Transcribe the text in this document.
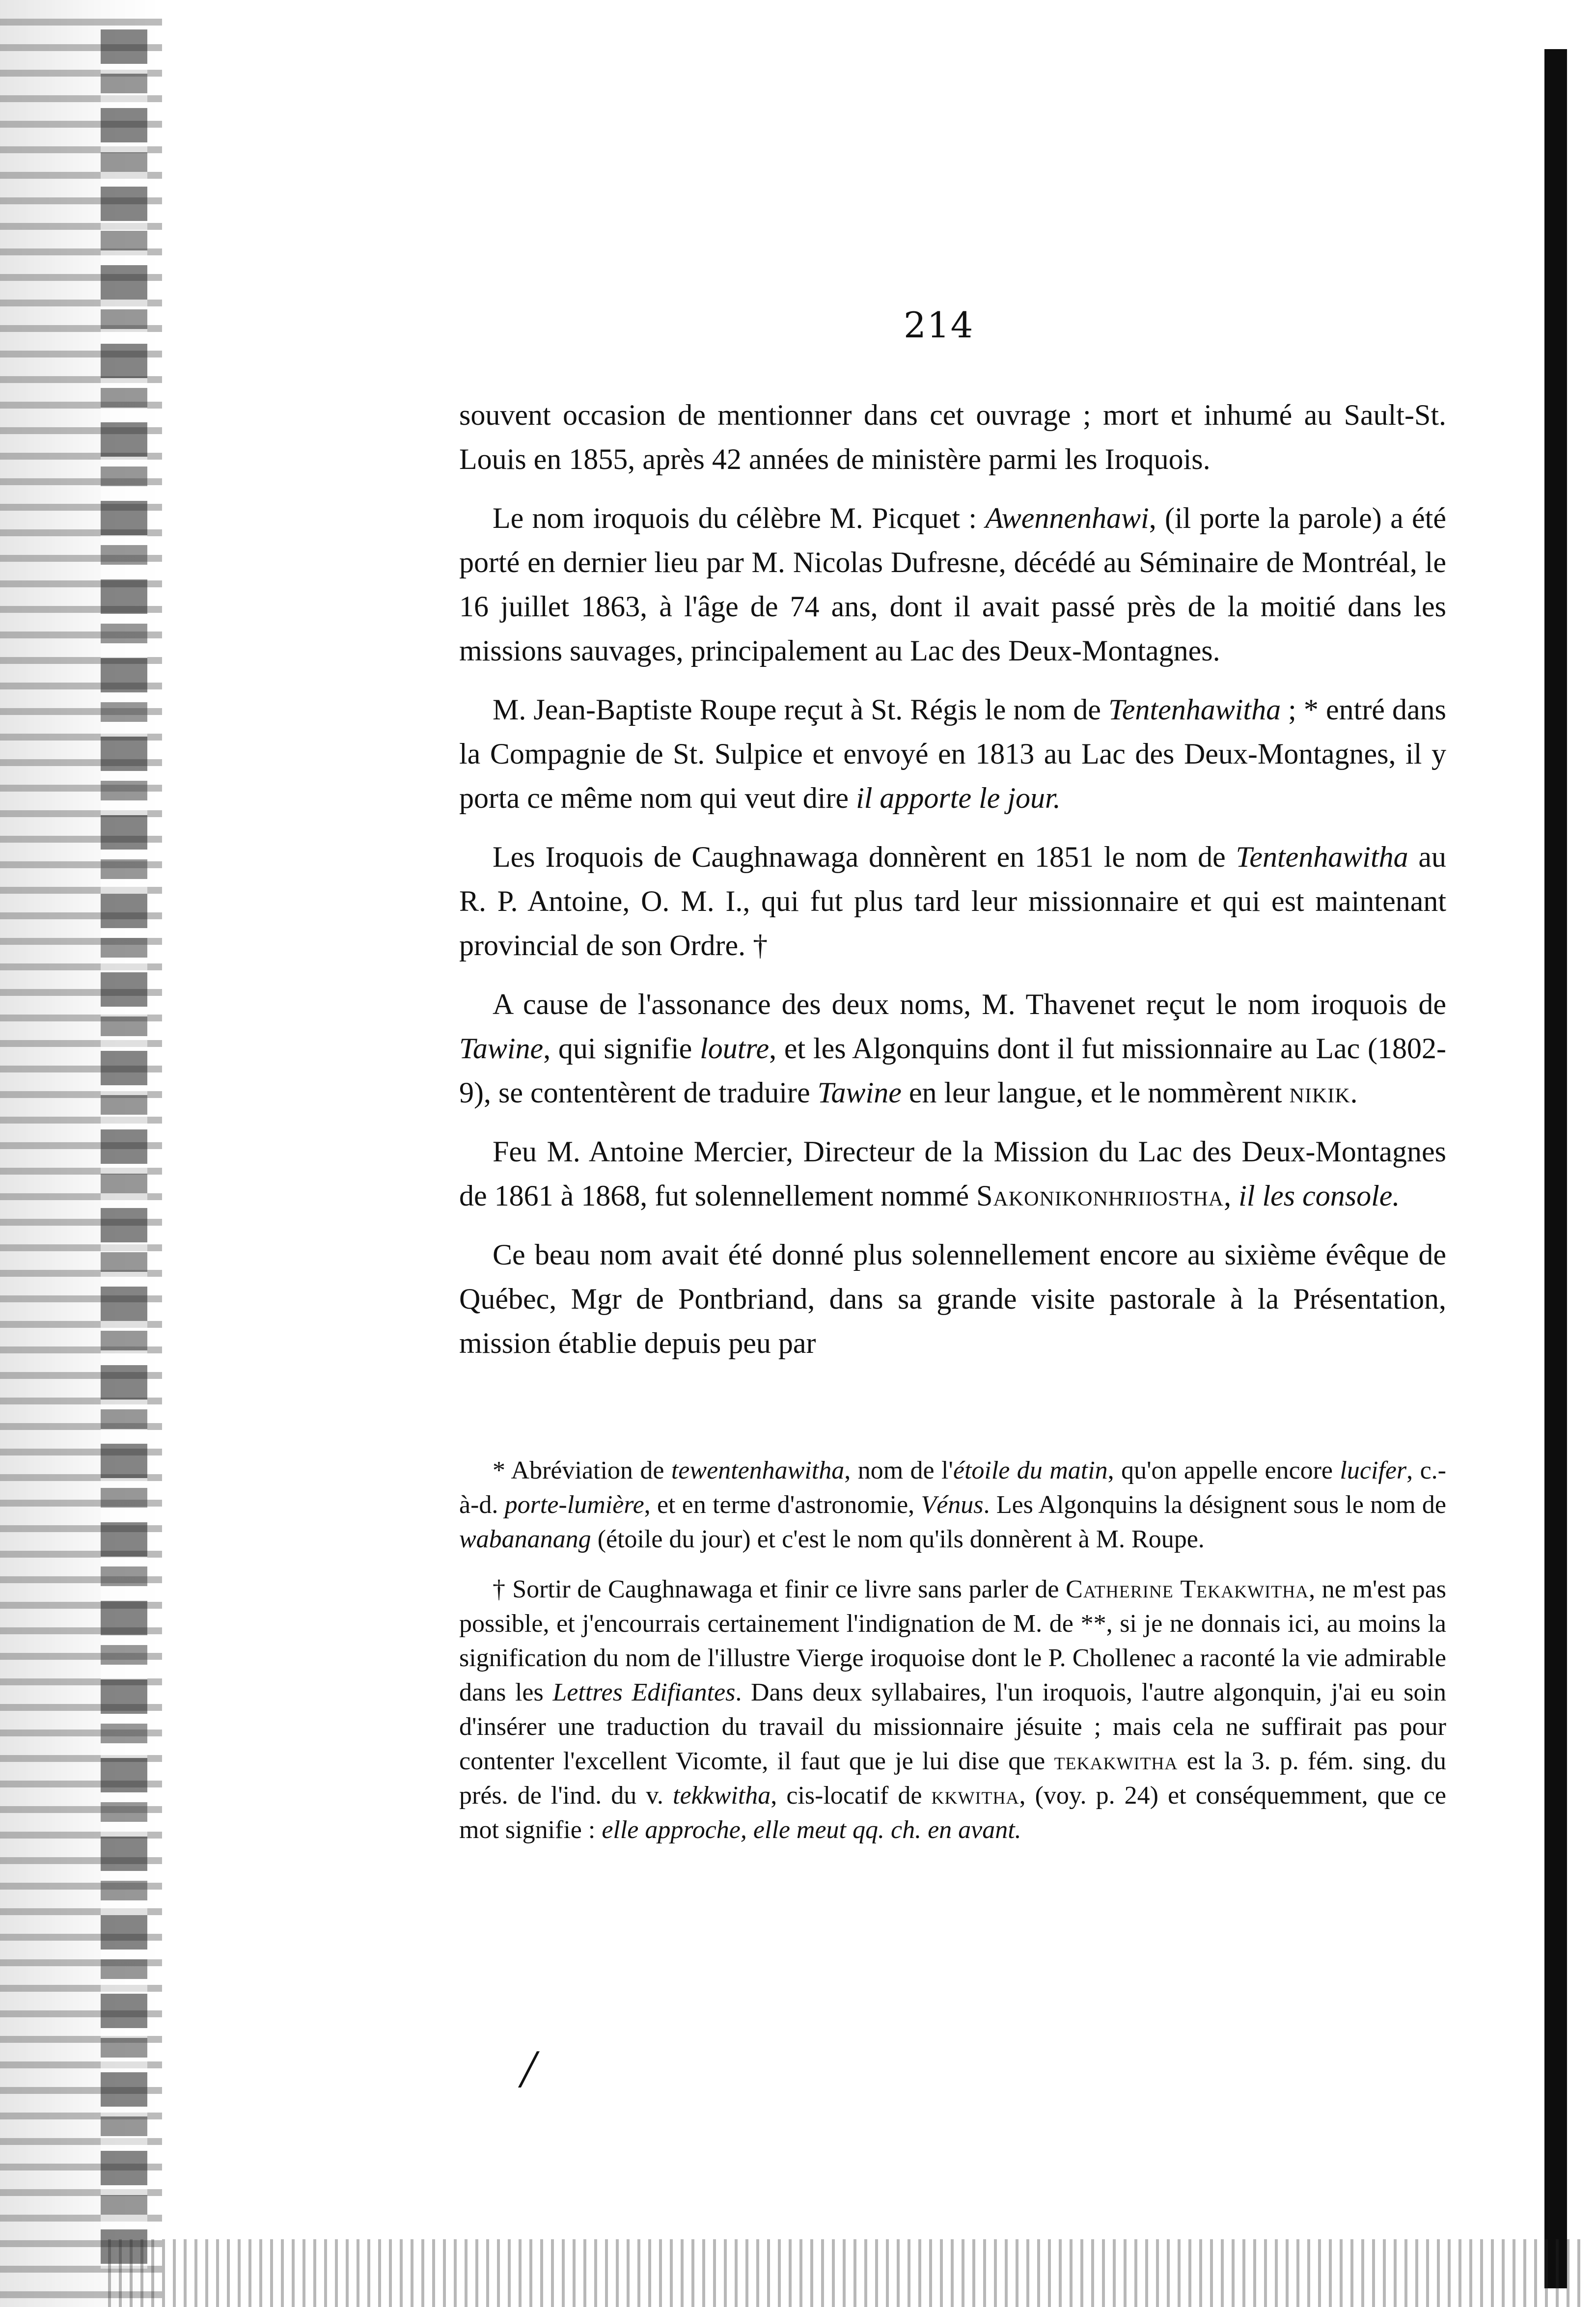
214

souvent occasion de mentionner dans cet ouvrage ; mort et inhumé au Sault-St. Louis en 1855, après 42 années de ministère parmi les Iroquois.

Le nom iroquois du célèbre M. Picquet : Awennenhawi, (il porte la parole) a été porté en dernier lieu par M. Nicolas Dufresne, décédé au Séminaire de Montréal, le 16 juillet 1863, à l'âge de 74 ans, dont il avait passé près de la moitié dans les missions sauvages, principalement au Lac des Deux-Montagnes.

M. Jean-Baptiste Roupe reçut à St. Régis le nom de Tentenhawitha ; * entré dans la Compagnie de St. Sulpice et envoyé en 1813 au Lac des Deux-Montagnes, il y porta ce même nom qui veut dire il apporte le jour.

Les Iroquois de Caughnawaga donnèrent en 1851 le nom de Tentenhawitha au R. P. Antoine, O. M. I., qui fut plus tard leur missionnaire et qui est maintenant provincial de son Ordre. †

A cause de l'assonance des deux noms, M. Thavenet reçut le nom iroquois de Tawine, qui signifie loutre, et les Algonquins dont il fut missionnaire au Lac (1802-9), se contentèrent de traduire Tawine en leur langue, et le nommèrent nikik.

Feu M. Antoine Mercier, Directeur de la Mission du Lac des Deux-Montagnes de 1861 à 1868, fut solennellement nommé Sakonikonhriiostha, il les console.

Ce beau nom avait été donné plus solennellement encore au sixième évêque de Québec, Mgr de Pontbriand, dans sa grande visite pastorale à la Présentation, mission établie depuis peu par

* Abréviation de tewentenhawitha, nom de l'étoile du matin, qu'on appelle encore lucifer, c.-à-d. porte-lumière, et en terme d'astronomie, Vénus. Les Algonquins la désignent sous le nom de wabananang (étoile du jour) et c'est le nom qu'ils donnèrent à M. Roupe.

† Sortir de Caughnawaga et finir ce livre sans parler de Catherine Tekakwitha, ne m'est pas possible, et j'encourrais certainement l'indignation de M. de **, si je ne donnais ici, au moins la signification du nom de l'illustre Vierge iroquoise dont le P. Chollenec a raconté la vie admirable dans les Lettres Edifiantes. Dans deux syllabaires, l'un iroquois, l'autre algonquin, j'ai eu soin d'insérer une traduction du travail du missionnaire jésuite ; mais cela ne suffirait pas pour contenter l'excellent Vicomte, il faut que je lui dise que tekakwitha est la 3. p. fém. sing. du prés. de l'ind. du v. tekkwitha, cis-locatif de kkwitha, (voy. p. 24) et conséquemment, que ce mot signifie : elle approche, elle meut qq. ch. en avant.

/
